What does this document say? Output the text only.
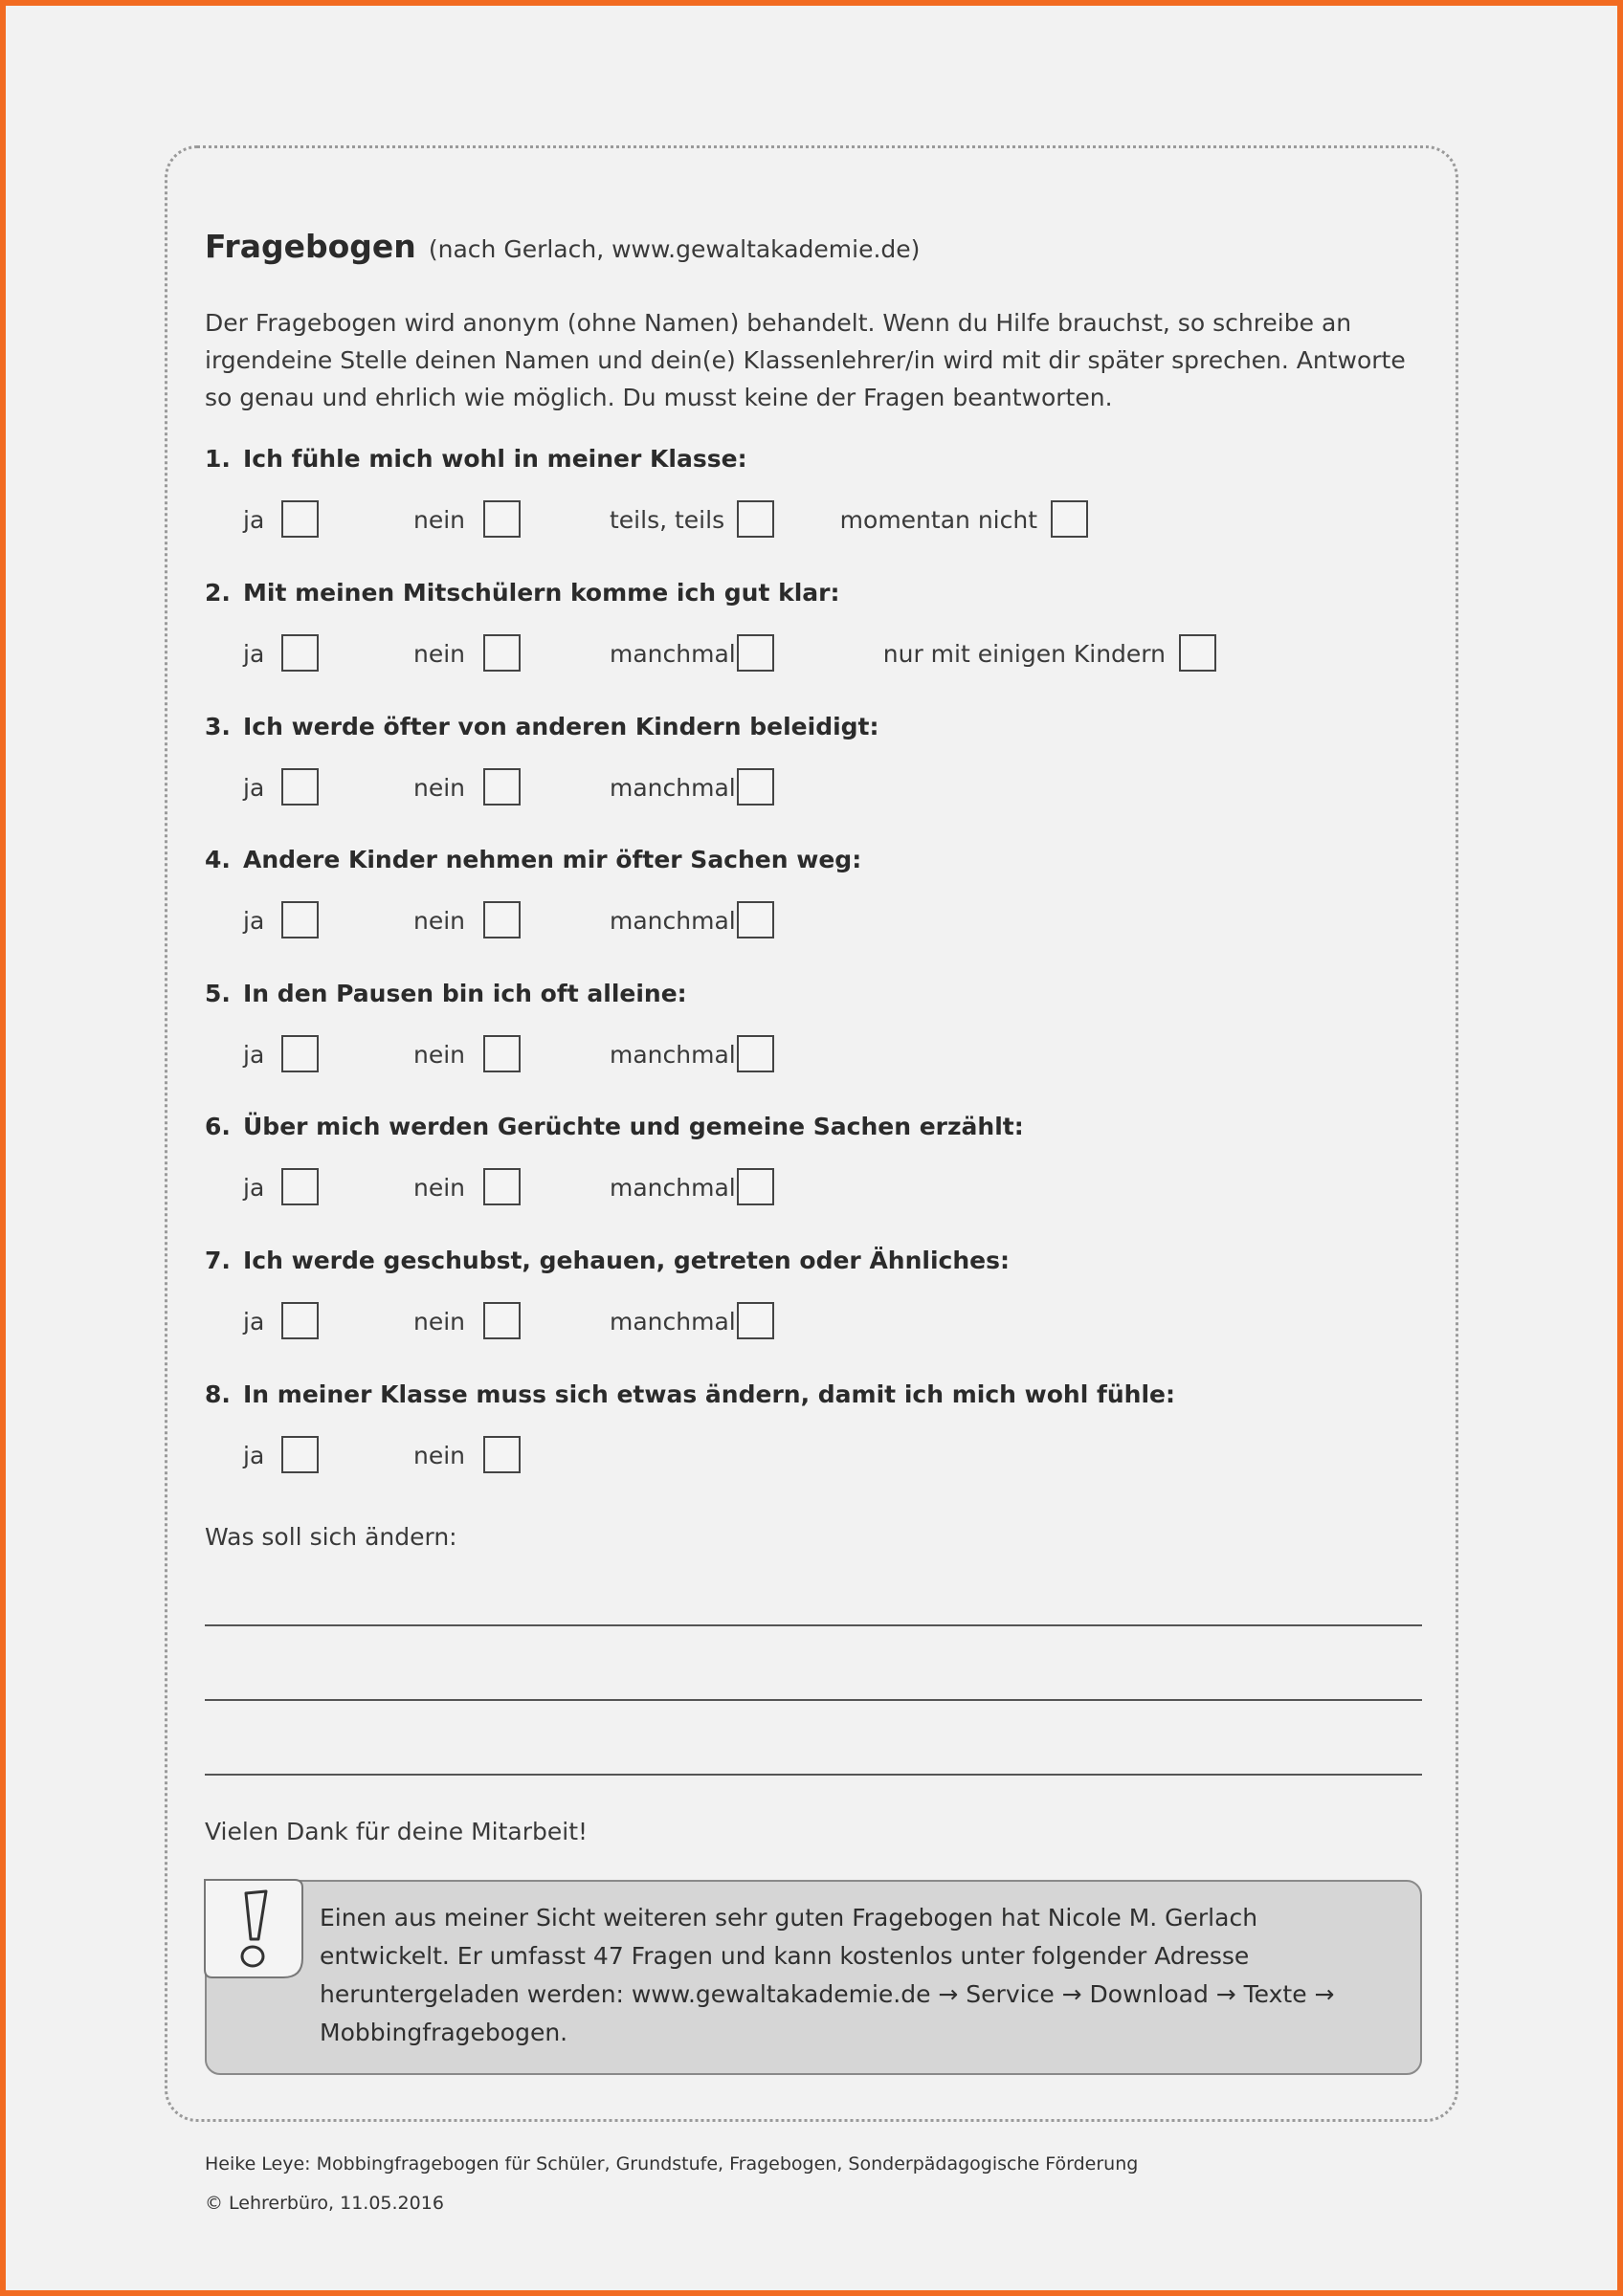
Fragebogen (nach Gerlach, www.gewaltakademie.de)
Der Fragebogen wird anonym (ohne Namen) behandelt. Wenn du Hilfe brauchst, so schreibe an irgendeine Stelle deinen Namen und dein(e) Klassenlehrer/in wird mit dir später sprechen. Antworte so genau und ehrlich wie möglich. Du musst keine der Fragen beantworten.
1. Ich fühle mich wohl in meiner Klasse:
ja	nein	teils, teils	momentan nicht
2. Mit meinen Mitschülern komme ich gut klar:
ja	nein	manchmal	nur mit einigen Kindern
3. Ich werde öfter von anderen Kindern beleidigt:
ja	nein	manchmal
4. Andere Kinder nehmen mir öfter Sachen weg:
ja	nein	manchmal
5. In den Pausen bin ich oft alleine:
ja	nein	manchmal
6. Über mich werden Gerüchte und gemeine Sachen erzählt:
ja	nein	manchmal
7. Ich werde geschubst, gehauen, getreten oder Ähnliches:
ja	nein	manchmal
8. In meiner Klasse muss sich etwas ändern, damit ich mich wohl fühle:
ja	nein
Was soll sich ändern:
Vielen Dank für deine Mitarbeit!
Einen aus meiner Sicht weiteren sehr guten Fragebogen hat Nicole M. Gerlach entwickelt. Er umfasst 47 Fragen und kann kostenlos unter folgender Adresse heruntergeladen werden: www.gewaltakademie.de → Service → Download → Texte → Mobbingfragebogen.
Heike Leye: Mobbingfragebogen für Schüler, Grundstufe, Fragebogen, Sonderpädagogische Förderung
© Lehrerbüro, 11.05.2016
